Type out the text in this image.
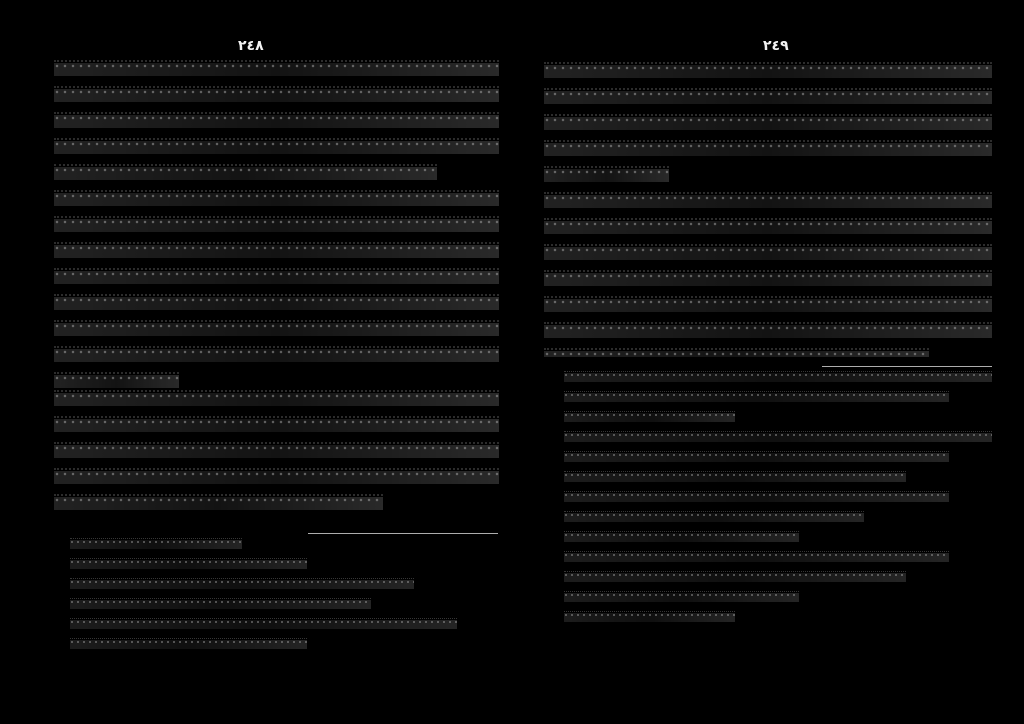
٢٤٨	٢٤٩
